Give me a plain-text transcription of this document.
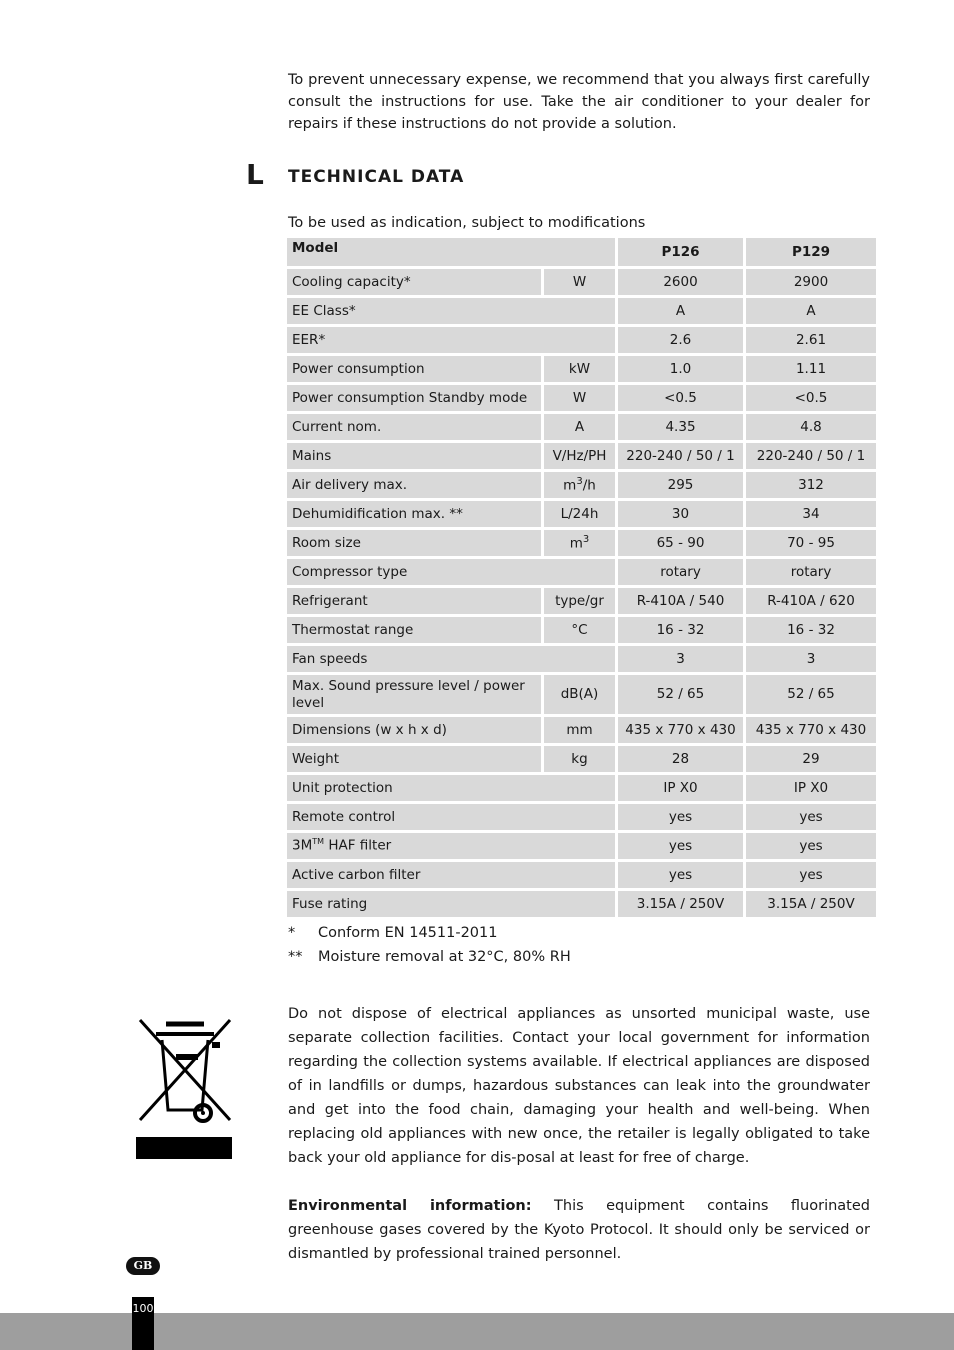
To prevent unnecessary expense, we recommend that you always first carefully consult the instructions for use. Take the air conditioner to your dealer for repairs if these instructions do not provide a solution.

L TECHNICAL DATA
To be used as indication, subject to modifications
Model		P126	P129
Cooling capacity*	W	2600	2900
EE Class*		A	A
EER*		2.6	2.61
Power consumption	kW	1.0	1.11
Power consumption Standby mode	W	<0.5	<0.5
Current nom.	A	4.35	4.8
Mains	V/Hz/PH	220-240 / 50 / 1	220-240 / 50 / 1
Air delivery max.	$m^3/h$	295	312
Dehumidification max. **	L/24h	30	34
Room size	$m^3$	65 - 90	70 - 95
Compressor type		rotary	rotary
Refrigerant	type/gr	R-410A / 540	R-410A / 620
Thermostat range	°C	16 - 32	16 - 32
Fan speeds		3	3
Max. Sound pressure level / power level	dB(A)	52 / 65	52 / 65
Dimensions (w x h x d)	mm	435 x 770 x 430	435 x 770 x 430
Weight	kg	28	29
Unit protection		IP X0	IP X0
Remote control		yes	yes
3M™ HAF filter		yes	yes
Active carbon filter		yes	yes
Fuse rating		3.15A / 250V	3.15A / 250V
* Conform EN 14511-2011
** Moisture removal at 32°C, 80% RH

Do not dispose of electrical appliances as unsorted municipal waste, use separate collection facilities. Contact your local government for information regarding the collection systems available. If electrical appliances are disposed of in landfills or dumps, hazardous substances can leak into the groundwater and get into the food chain, damaging your health and well-being. When replacing old appliances with new once, the retailer is legally obligated to take back your old appliance for dis-posal at least for free of charge.

Environmental information: This equipment contains fluorinated greenhouse gases covered by the Kyoto Protocol. It should only be serviced or dismantled by professional trained personnel.

GB
100
